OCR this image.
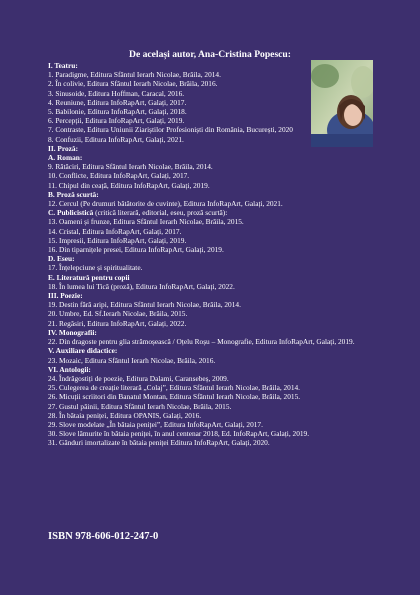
De același autor, Ana-Cristina Popescu:
I. Teatru:
1. Paradigme, Editura Sfântul Ierarh Nicolae, Brăila, 2014.
2. În colivie, Editura Sfântul Ierarh Nicolae, Brăila, 2016.
3. Sinusoide, Editura Hoffman, Caracal, 2016.
4. Reuniune, Editura InfoRapArt, Galați, 2017.
5. Babilonie, Editura InfoRapArt, Galați, 2018.
6. Percepții, Editura InfoRapArt, Galați, 2019.
7. Contraste, Editura Uniunii Ziariștilor Profesioniști din România, București, 2020
8. Confuzii, Editura InfoRapArt, Galați, 2021.
II. Proză:
A. Roman:
9. Rătăciri, Editura Sfântul Ierarh Nicolae, Brăila, 2014.
10. Conflicte, Editura InfoRapArt, Galați, 2017.
11. Chipul din ceață, Editura InfoRapArt, Galați, 2019.
B. Proză scurtă:
12. Cercul (Pe drumuri bătătorite de cuvinte), Editura InfoRapArt, Galați, 2021.
C. Publicistică (critică literară, editorial, eseu, proză scurtă):
13. Oameni și frunze, Editura Sfântul Ierarh Nicolae, Brăila, 2015.
14. Cristal, Editura InfoRapArt, Galați, 2017.
15. Impresii, Editura InfoRapArt, Galați, 2019.
16. Din tiparnițele presei, Editura InfoRapArt, Galați, 2019.
D. Eseu:
17. Înțelepciune și spiritualitate.
E. Literatură pentru copii
18. În lumea lui Tică (proză), Editura InfoRapArt, Galați, 2022.
III. Poezie:
19. Destin fără aripi, Editura Sfântul Ierarh Nicolae, Brăila, 2014.
20. Umbre, Ed. Sf.Ierarh Nicolae, Brăila, 2015.
21. Regăsiri, Editura InfoRapArt, Galați, 2022.
IV. Monografii:
22. Din dragoste pentru glia strămoșească / Oțelu Roșu – Monografie, Editura InfoRapArt, Galați, 2019.
V. Auxiliare didactice:
23. Mozaic, Editura Sfântul Ierarh Nicolae, Brăila, 2016.
VI. Antologii:
24. Îndrăgostiți de poezie, Editura Dalami, Caransebeș, 2009.
25. Culegerea de creație literară „Colaj”, Editura Sfântul Ierarh Nicolae, Brăila, 2014.
26. Micuții scriitori din Banatul Montan, Editura Sfântul Ierarh Nicolae, Brăila, 2015.
27. Gustul pâinii, Editura Sfântul Ierarh Nicolae, Brăila, 2015.
28. În bătaia peniței, Editura OPANIS, Galați, 2016.
29. Slove modelate „În bătaia peniței”, Editura InfoRapArt, Galați, 2017.
30. Slove lămurite în bătaia peniței, în anul centenar 2018, Ed. InfoRapArt, Galați, 2019.
31. Gânduri imortalizate în bătaia peniței Editura InfoRapArt, Galați, 2020.
ISBN 978-606-012-247-0
